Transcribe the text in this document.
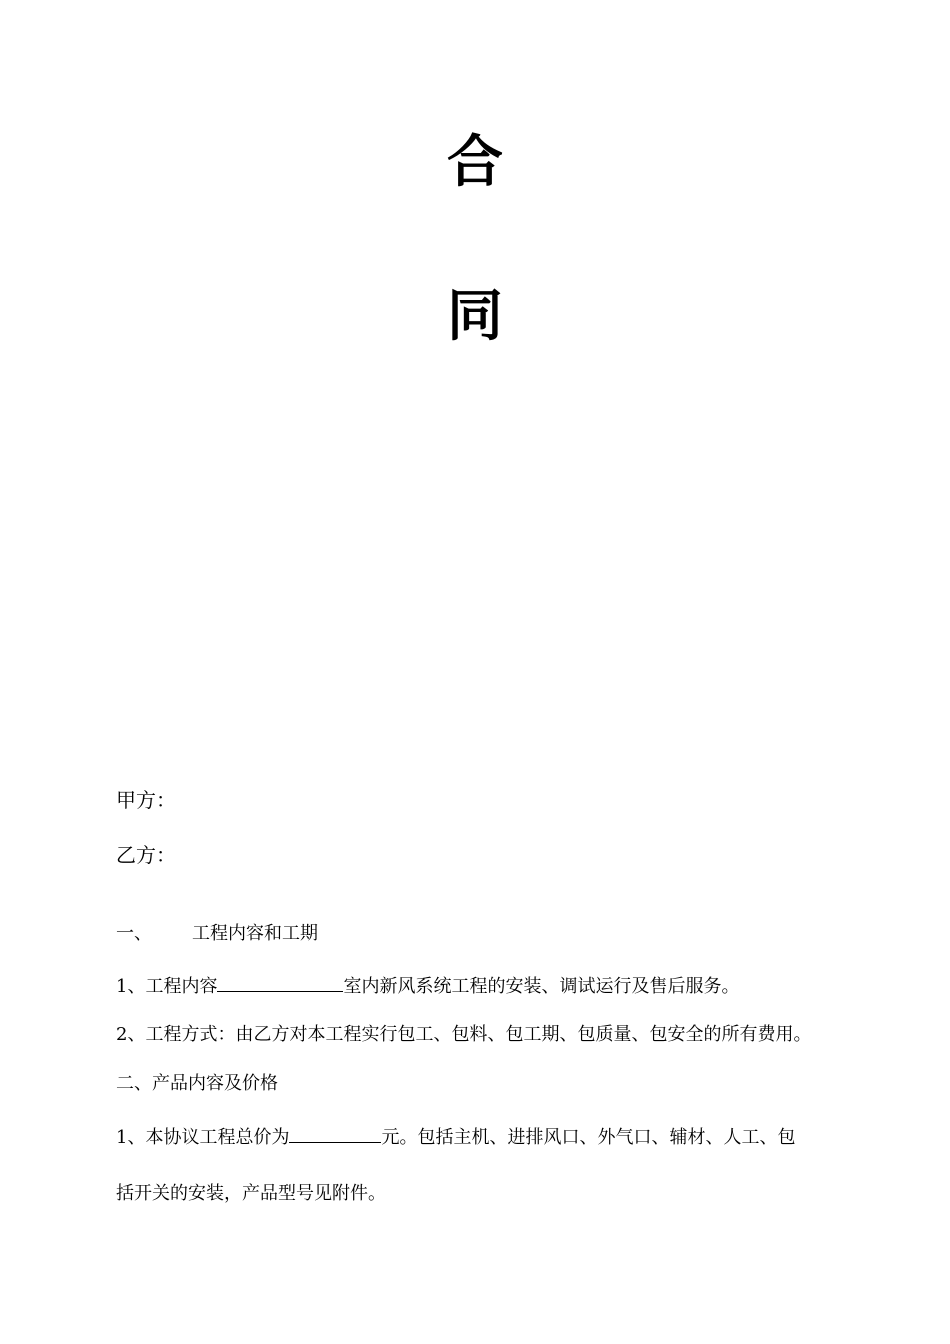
合
同
甲方：
乙方：
一、 工程内容和工期
1、工程内容	室内新风系统工程的安装、调试运行及售后服务。
2、工程方式：由乙方对本工程实行包工、包料、包工期、包质量、包安全的所有费用。
二、产品内容及价格
1、本协议工程总价为	元。包括主机、进排风口、外气口、辅材、人工、包
括开关的安装，产品型号见附件。
